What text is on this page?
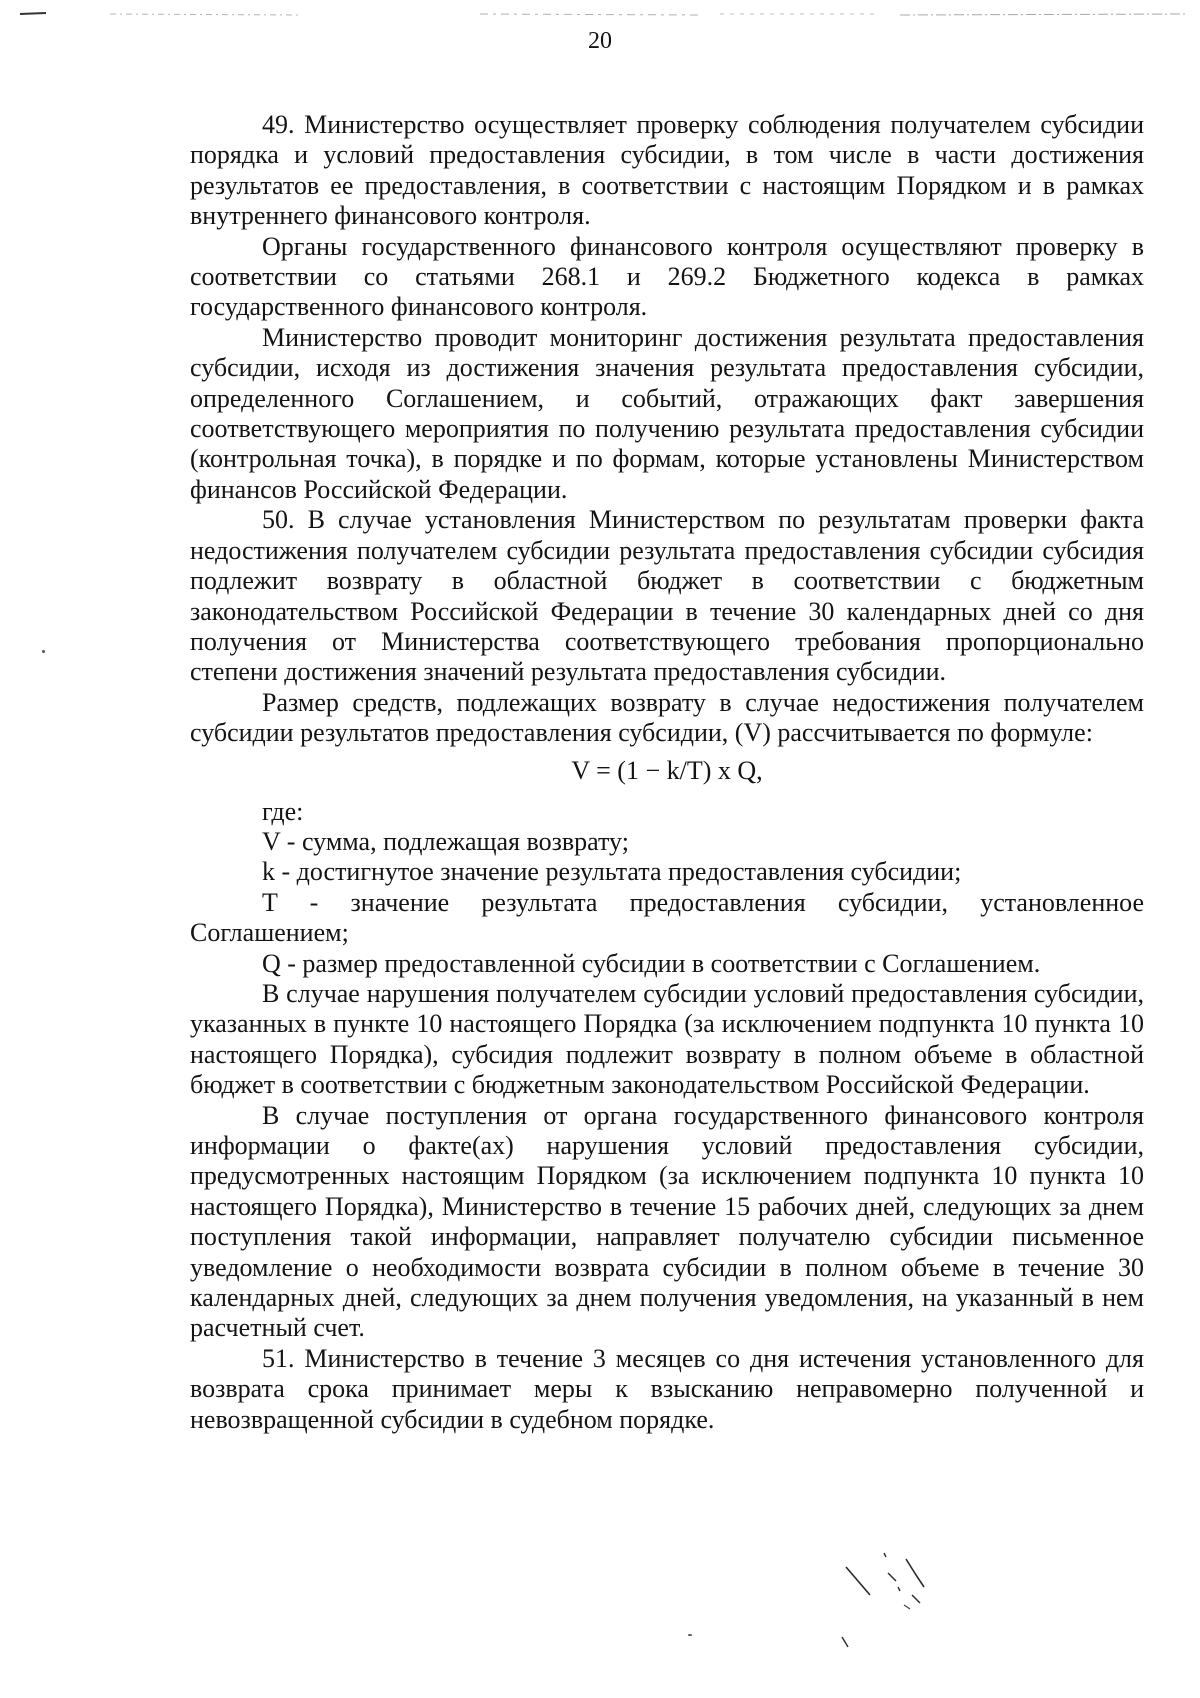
20

49. Министерство осуществляет проверку соблюдения получателем субсидии порядка и условий предоставления субсидии, в том числе в части достижения результатов ее предоставления, в соответствии с настоящим Порядком и в рамках внутреннего финансового контроля.

Органы государственного финансового контроля осуществляют проверку в соответствии со статьями 268.1 и 269.2 Бюджетного кодекса в рамках государственного финансового контроля.

Министерство проводит мониторинг достижения результата предоставления субсидии, исходя из достижения значения результата предоставления субсидии, определенного Соглашением, и событий, отражающих факт завершения соответствующего мероприятия по получению результата предоставления субсидии (контрольная точка), в порядке и по формам, которые установлены Министерством финансов Российской Федерации.

50. В случае установления Министерством по результатам проверки факта недостижения получателем субсидии результата предоставления субсидии субсидия подлежит возврату в областной бюджет в соответствии с бюджетным законодательством Российской Федерации в течение 30 календарных дней со дня получения от Министерства соответствующего требования пропорционально степени достижения значений результата предоставления субсидии.

Размер средств, подлежащих возврату в случае недостижения получателем субсидии результатов предоставления субсидии, (V) рассчитывается по формуле:

V = (1 − k/T) x Q,

где:

V - сумма, подлежащая возврату;

k - достигнутое значение результата предоставления субсидии;

T - значение результата предоставления субсидии, установленное Соглашением;

Q - размер предоставленной субсидии в соответствии с Соглашением.

В случае нарушения получателем субсидии условий предоставления субсидии, указанных в пункте 10 настоящего Порядка (за исключением подпункта 10 пункта 10 настоящего Порядка), субсидия подлежит возврату в полном объеме в областной бюджет в соответствии с бюджетным законодательством Российской Федерации.

В случае поступления от органа государственного финансового контроля информации о факте(ах) нарушения условий предоставления субсидии, предусмотренных настоящим Порядком (за исключением подпункта 10 пункта 10 настоящего Порядка), Министерство в течение 15 рабочих дней, следующих за днем поступления такой информации, направляет получателю субсидии письменное уведомление о необходимости возврата субсидии в полном объеме в течение 30 календарных дней, следующих за днем получения уведомления, на указанный в нем расчетный счет.

51. Министерство в течение 3 месяцев со дня истечения установленного для возврата срока принимает меры к взысканию неправомерно полученной и невозвращенной субсидии в судебном порядке.
